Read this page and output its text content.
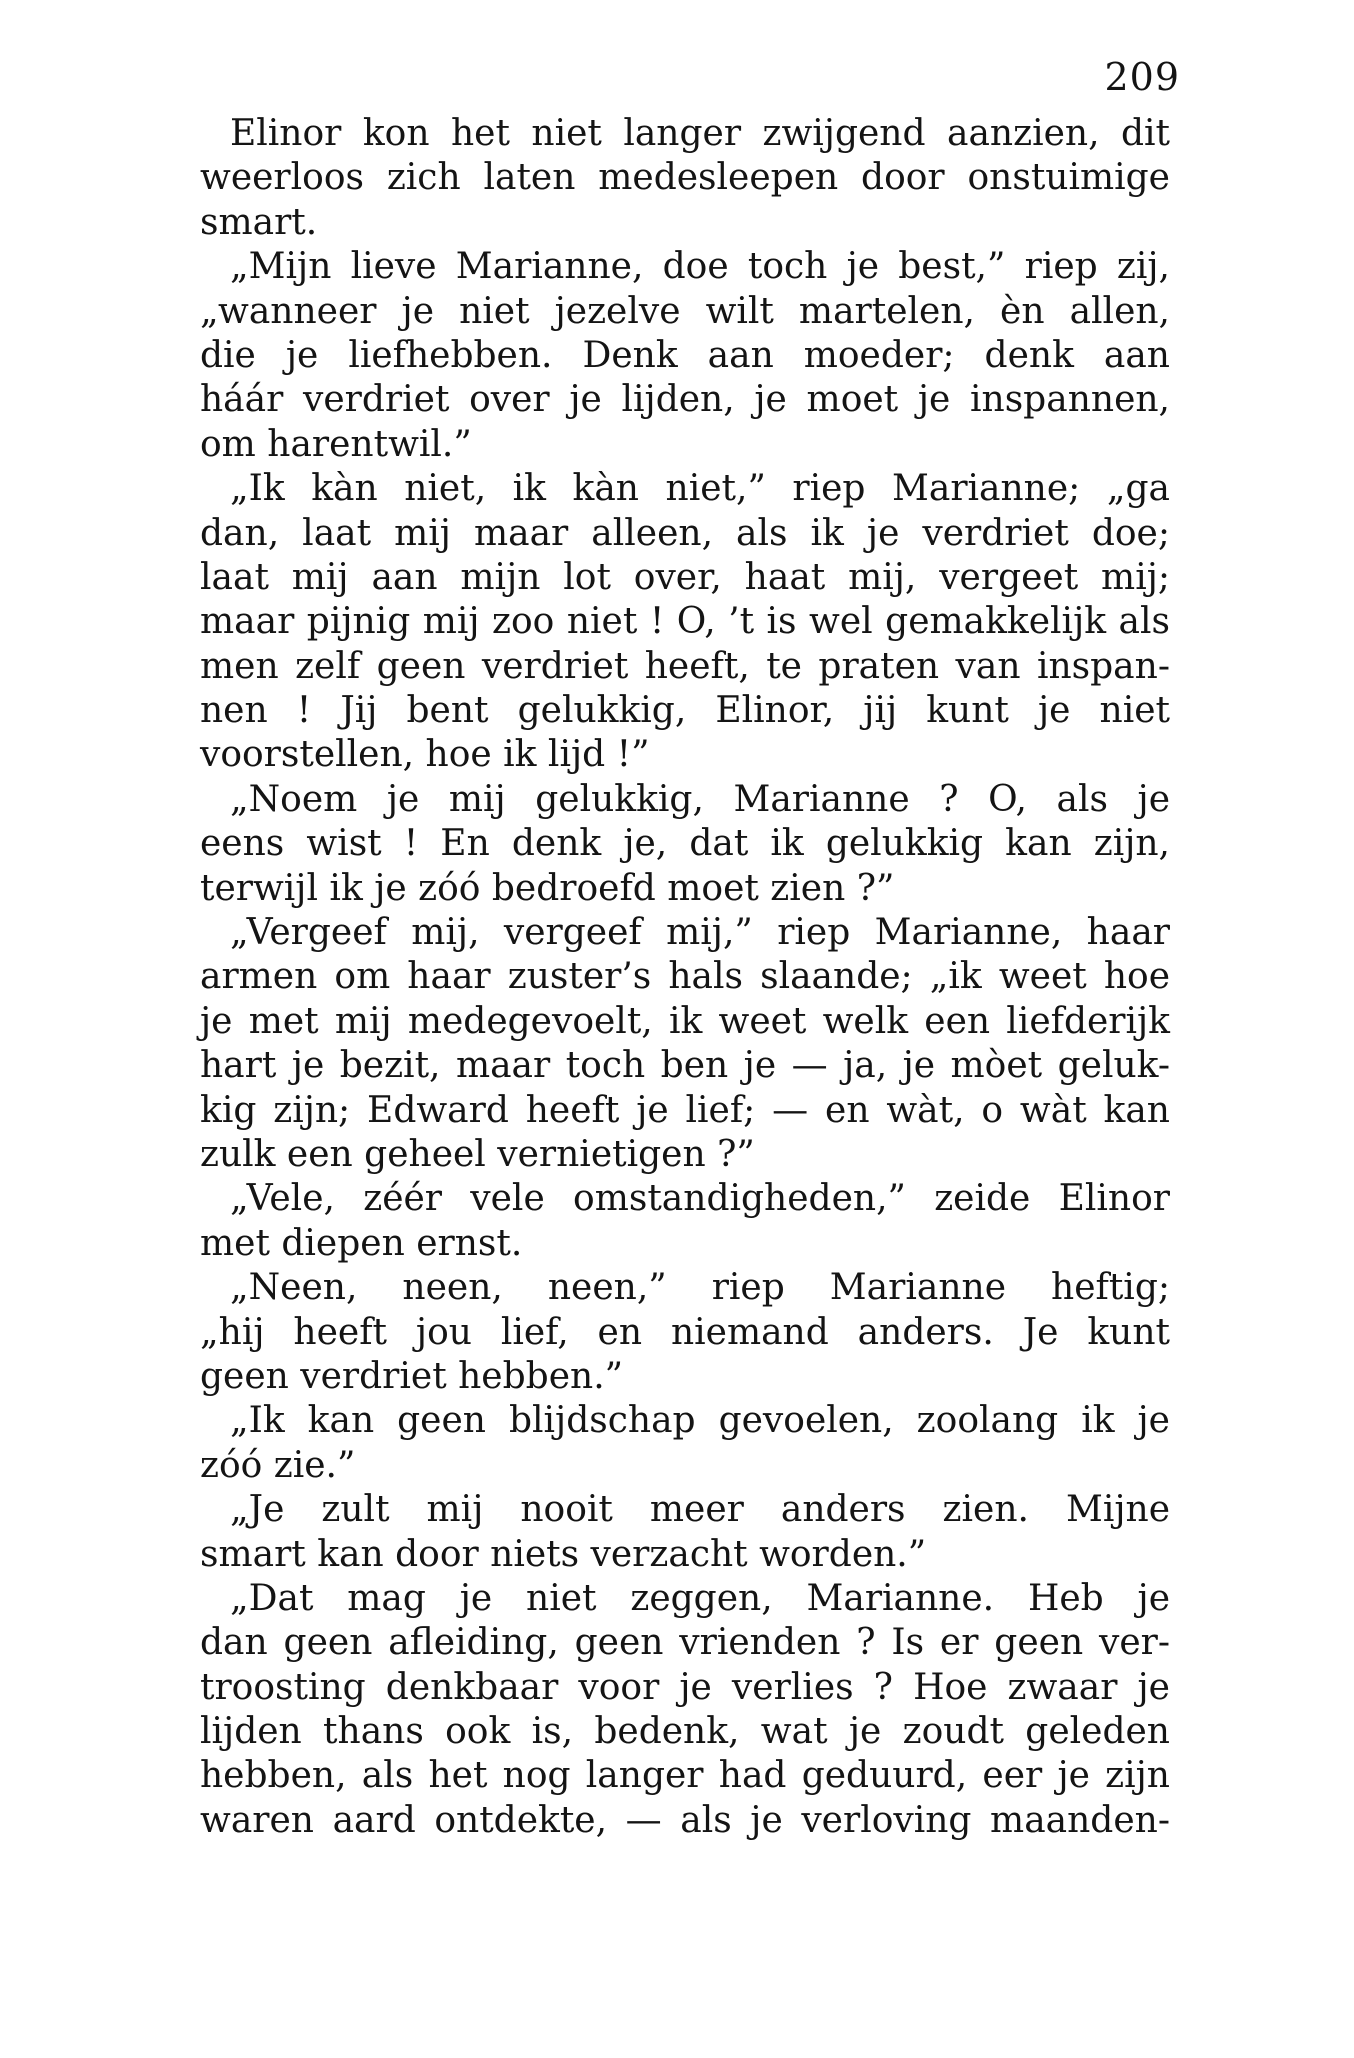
209
Elinor kon het niet langer zwijgend aanzien, dit
weerloos zich laten medesleepen door onstuimige
smart.
„Mijn lieve Marianne, doe toch je best,” riep zij,
„wanneer je niet jezelve wilt martelen, èn allen,
die je liefhebben. Denk aan moeder; denk aan
háár verdriet over je lijden, je moet je inspannen,
om harentwil.”
„Ik kàn niet, ik kàn niet,” riep Marianne; „ga
dan, laat mij maar alleen, als ik je verdriet doe;
laat mij aan mijn lot over, haat mij, vergeet mij;
maar pijnig mij zoo niet ! O, ’t is wel gemakkelijk als
men zelf geen verdriet heeft, te praten van inspan-
nen ! Jij bent gelukkig, Elinor, jij kunt je niet
voorstellen, hoe ik lijd !”
„Noem je mij gelukkig, Marianne ? O, als je
eens wist ! En denk je, dat ik gelukkig kan zijn,
terwijl ik je zóó bedroefd moet zien ?”
„Vergeef mij, vergeef mij,” riep Marianne, haar
armen om haar zuster’s hals slaande; „ik weet hoe
je met mij medegevoelt, ik weet welk een liefderijk
hart je bezit, maar toch ben je — ja, je mòet geluk-
kig zijn; Edward heeft je lief; — en wàt, o wàt kan
zulk een geheel vernietigen ?”
„Vele, zéér vele omstandigheden,” zeide Elinor
met diepen ernst.
„Neen, neen, neen,” riep Marianne heftig;
„hij heeft jou lief, en niemand anders. Je kunt
geen verdriet hebben.”
„Ik kan geen blijdschap gevoelen, zoolang ik je
zóó zie.”
„Je zult mij nooit meer anders zien. Mijne
smart kan door niets verzacht worden.”
„Dat mag je niet zeggen, Marianne. Heb je
dan geen afleiding, geen vrienden ? Is er geen ver-
troosting denkbaar voor je verlies ? Hoe zwaar je
lijden thans ook is, bedenk, wat je zoudt geleden
hebben, als het nog langer had geduurd, eer je zijn
waren aard ontdekte, — als je verloving maanden-
